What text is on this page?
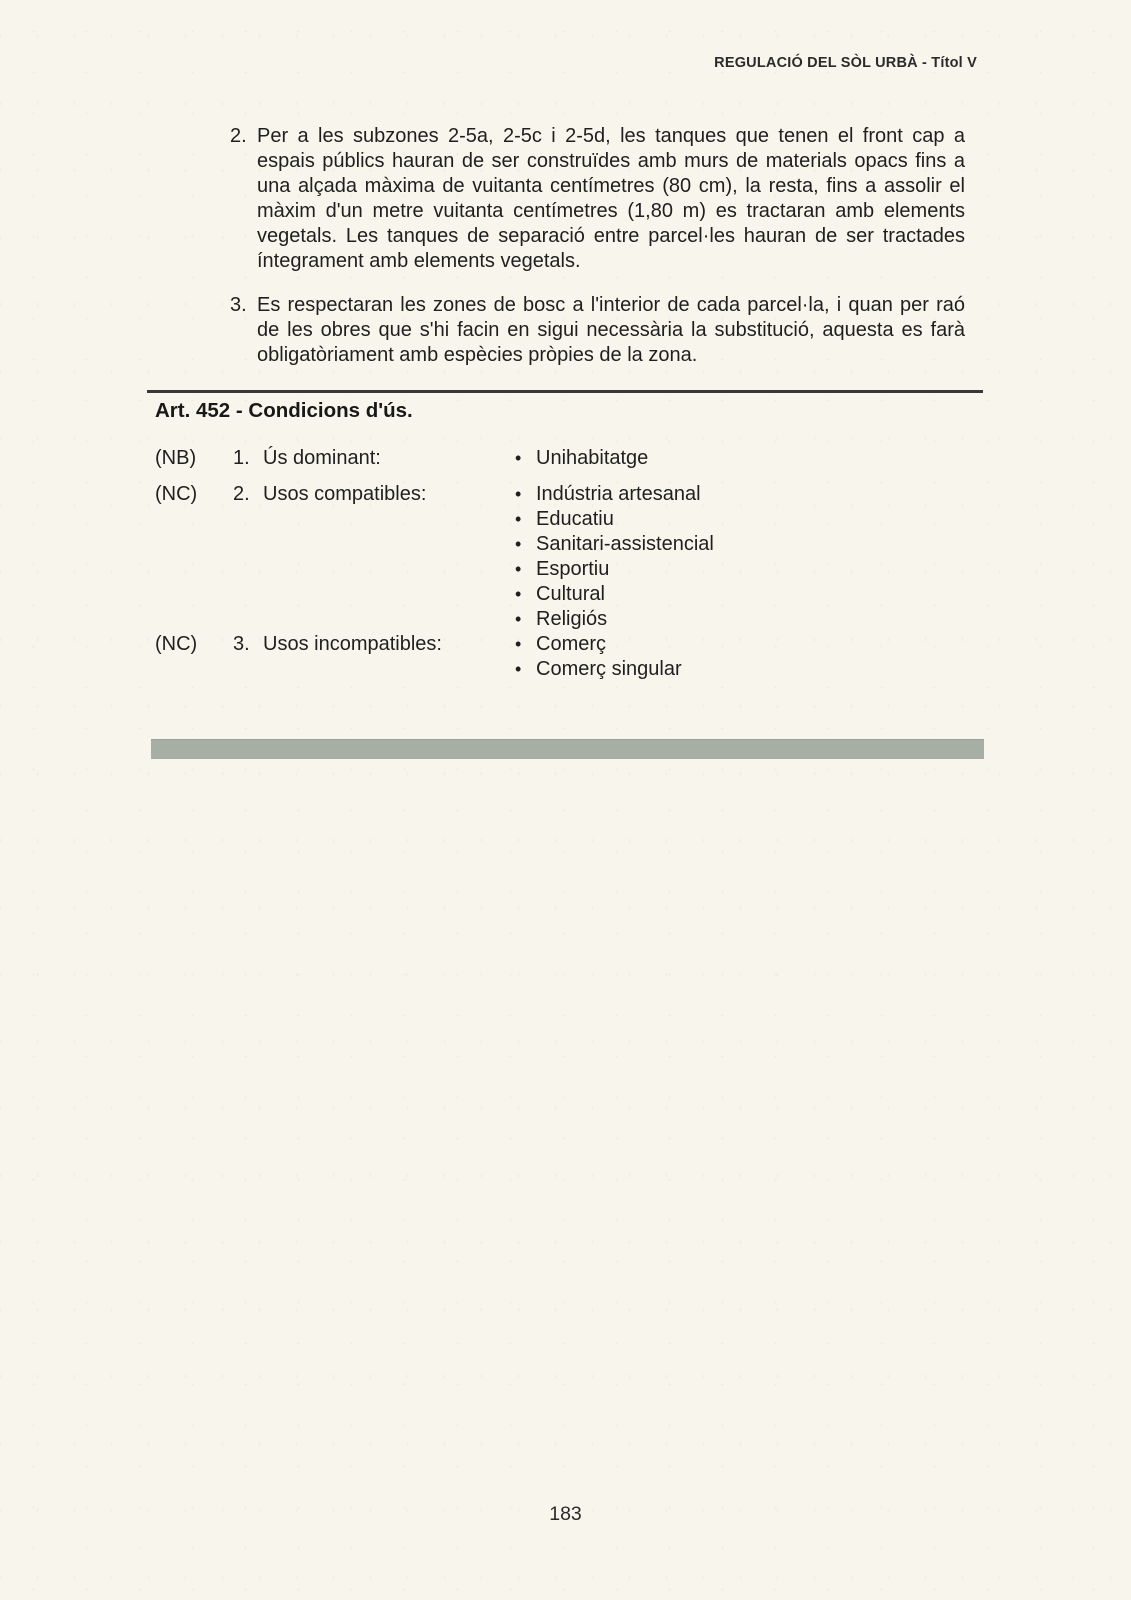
REGULACIÓ DEL SÒL URBÀ - Títol V
2. Per a les subzones 2-5a, 2-5c i 2-5d, les tanques que tenen el front cap a espais públics hauran de ser construïdes amb murs de materials opacs fins a una alçada màxima de vuitanta centímetres (80 cm), la resta, fins a assolir el màxim d'un metre vuitanta centímetres (1,80 m) es tractaran amb elements vegetals. Les tanques de separació entre parcel·les hauran de ser tractades íntegrament amb elements vegetals.
3. Es respectaran les zones de bosc a l'interior de cada parcel·la, i quan per raó de les obres que s'hi facin en sigui necessària la substitució, aquesta es farà obligatòriament amb espècies pròpies de la zona.
Art. 452 - Condicions d'ús.
(NB)	1. Ús dominant:	• Unihabitatge
(NC)	2. Usos compatibles:	• Indústria artesanal
• Educatiu
• Sanitari-assistencial
• Esportiu
• Cultural
• Religiós
(NC)	3. Usos incompatibles:	• Comerç
• Comerç singular
183
